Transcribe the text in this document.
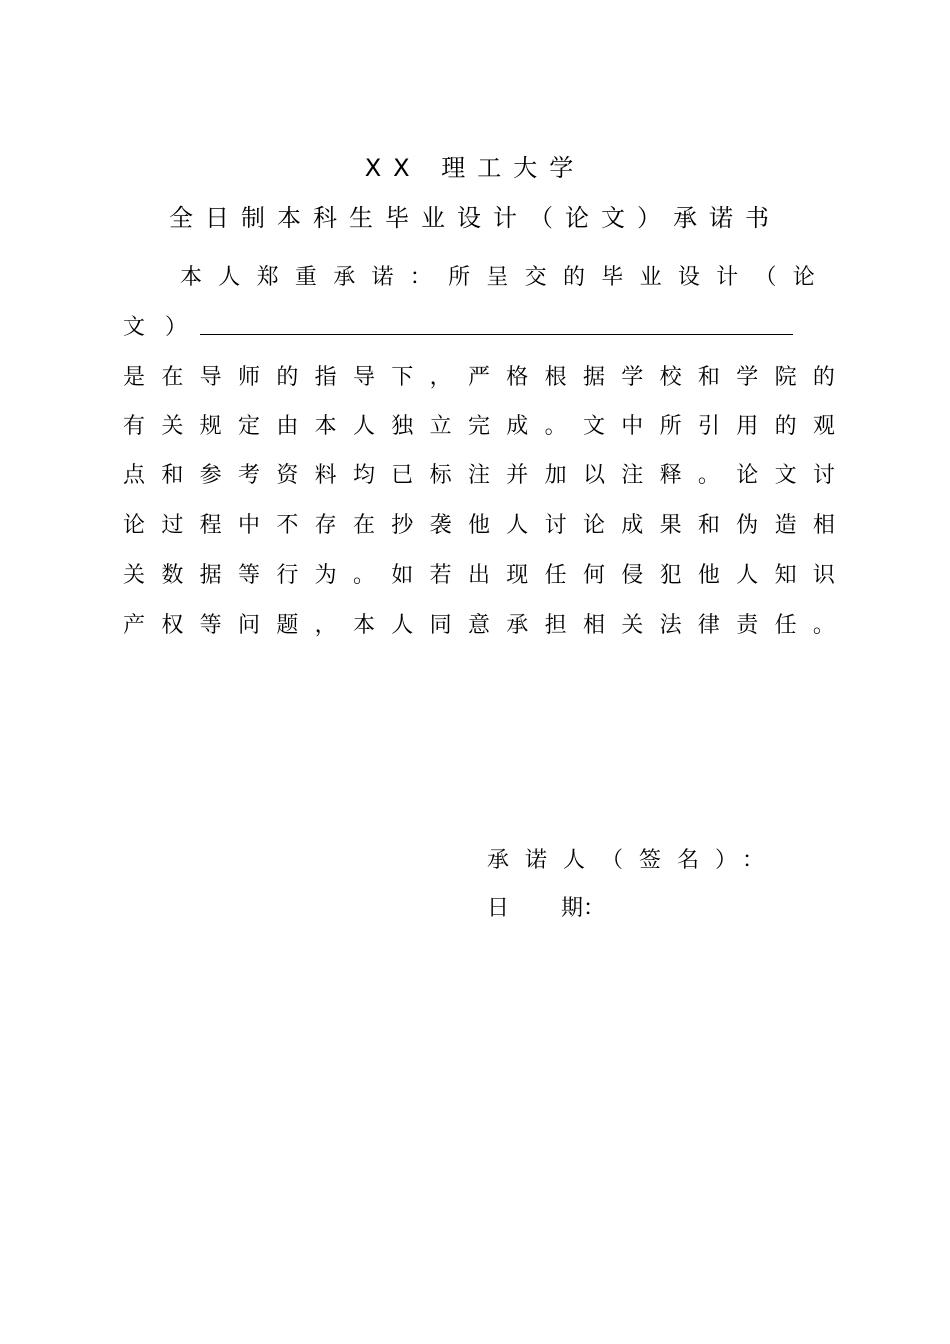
XX 理工大学
全日制本科生毕业设计（论文）承诺书
本 人 郑 重 承 诺 ： 所 呈 交 的 毕 业 设 计 （ 论
文）
是 在 导 师 的 指 导 下 ， 严 格 根 据 学 校 和 学 院 的
有 关 规 定 由 本 人 独 立 完 成 。 文 中 所 引 用 的 观
点 和 参 考 资 料 均 已 标 注 并 加 以 注 释 。 论 文 讨
论 过 程 中 不 存 在 抄 袭 他 人 讨 论 成 果 和 伪 造 相
关 数 据 等 行 为 。 如 若 出 现 任 何 侵 犯 他 人 知 识
产 权 等 问 题 ， 本 人 同 意 承 担 相 关 法 律 责 任 。
承诺人（签名）：
日 期：
